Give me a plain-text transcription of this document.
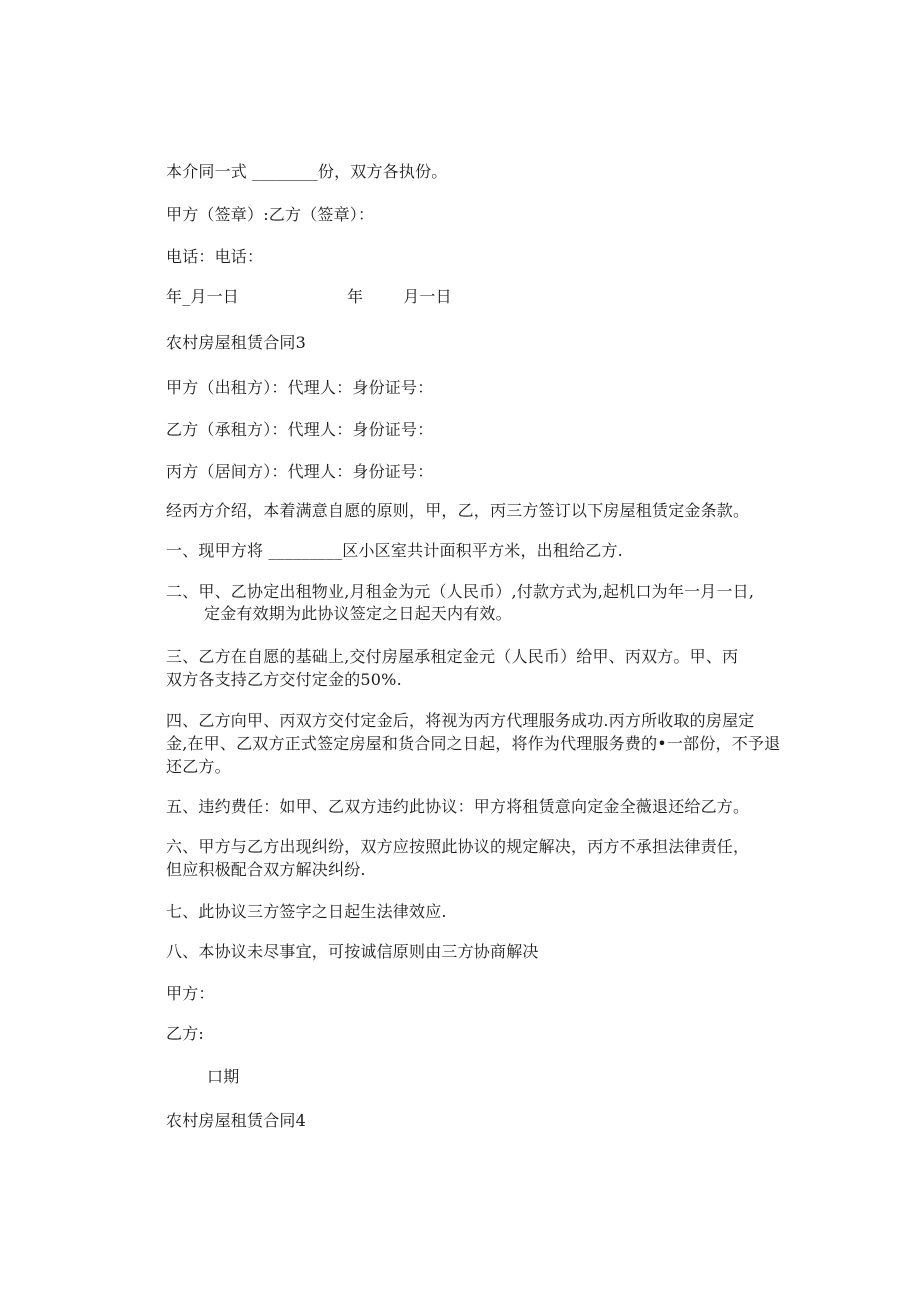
本介同一式 ________份，双方各执份。
甲方（签章）:乙方（签章）：
电话：电话：
年_月一日	年	月一日
农村房屋租赁合同3
甲方（出租方）：代理人：身份证号：
乙方（承租方）：代理人：身份证号：
丙方（居间方）：代理人：身份证号：
经丙方介绍，本着满意自愿的原则，甲，乙，丙三方签订以下房屋租赁定金条款。
一、现甲方将 _________区小区室共计面积平方米，出租给乙方.
二、甲、乙协定出租物业,月租金为元（人民币）,付款方式为,起机口为年一月一日,
定金有效期为此协议签定之日起天内有效。
三、乙方在自愿的基础上,交付房屋承租定金元（人民币）给甲、丙双方。甲、丙
双方各支持乙方交付定金的50%.
四、乙方向甲、丙双方交付定金后，将视为丙方代理服务成功.丙方所收取的房屋定
金,在甲、乙双方正式签定房屋和货合同之日起，将作为代理服务费的•一部份，不予退
还乙方。
五、违约费任：如甲、乙双方违约此协议：甲方将租赁意向定金全薇退还给乙方。
六、甲方与乙方出现纠纷，双方应按照此协议的规定解决，丙方不承担法律责任，
但应积极配合双方解决纠纷.
七、此协议三方签字之日起生法律效应.
八、本协议未尽事宜，可按诚信原则由三方协商解决
甲方：
乙方:
口期
农村房屋租赁合同4
